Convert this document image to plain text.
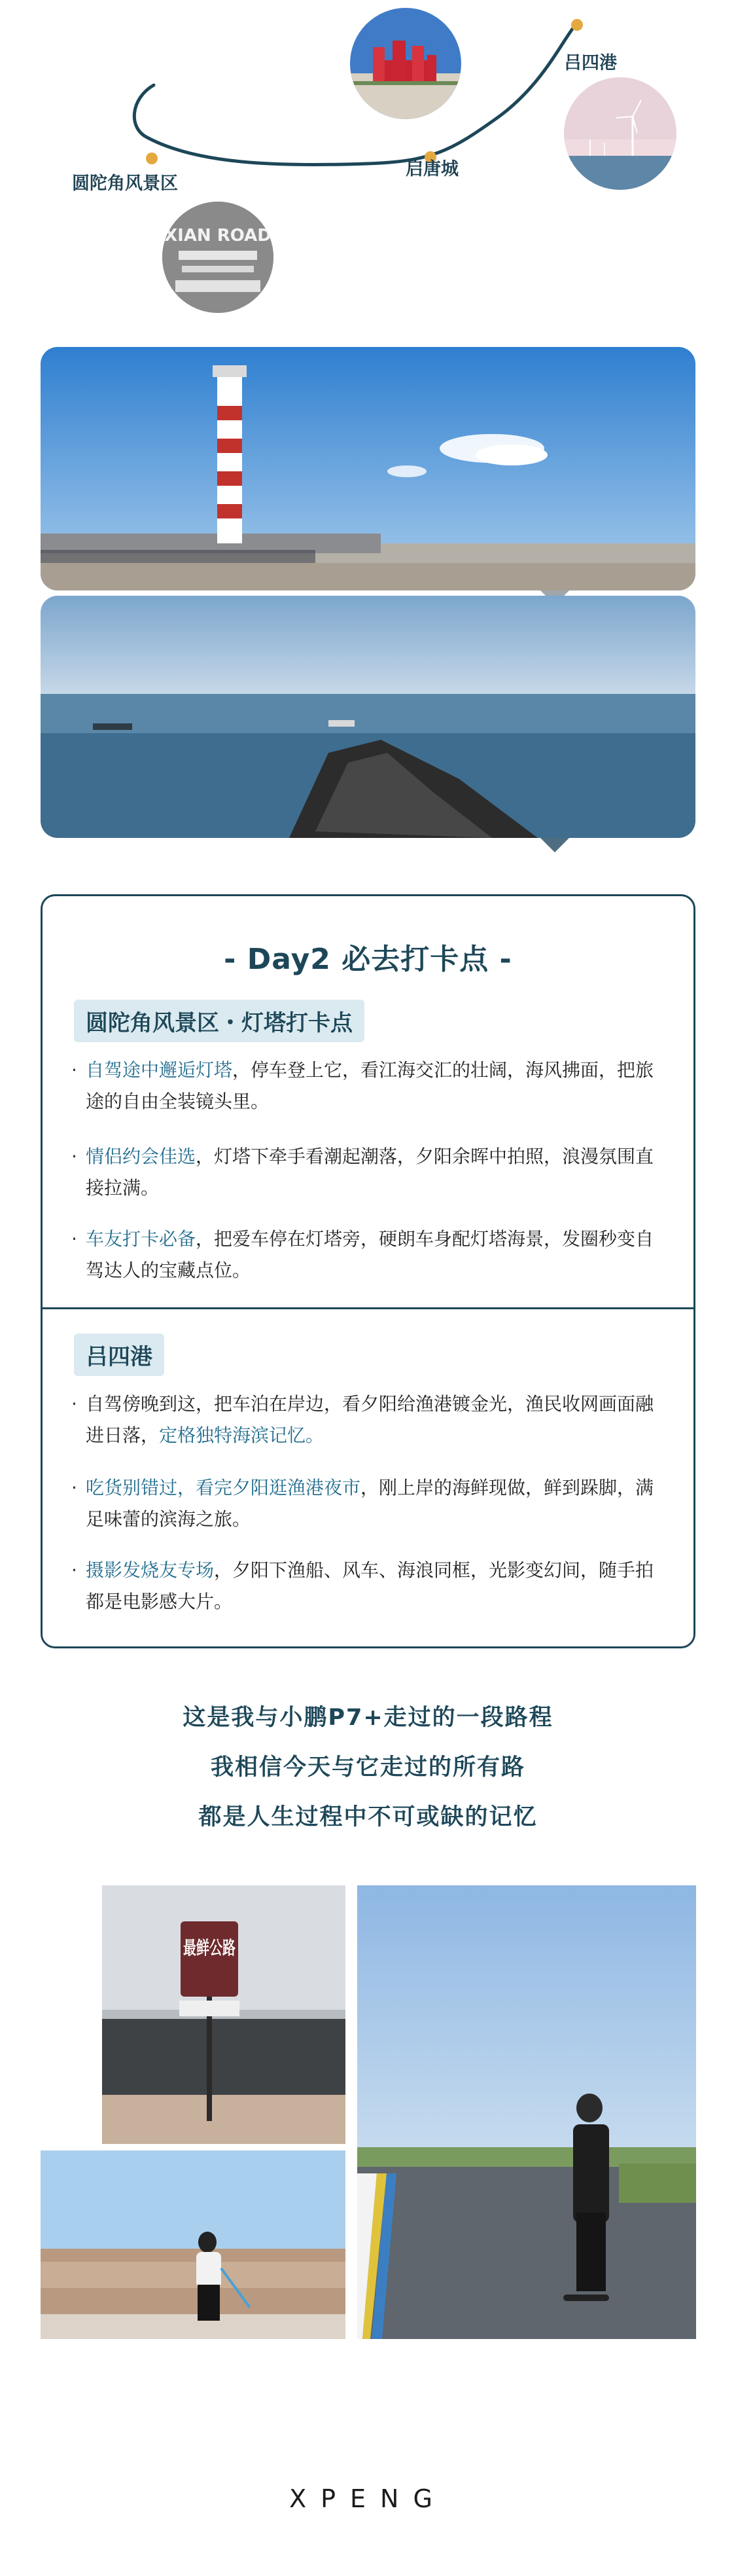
XIAN ROAD
圆陀角风景区
启唐城
吕四港
- Day2 必去打卡点 -
圆陀角风景区・灯塔打卡点
· 自驾途中邂逅灯塔，停车登上它，看江海交汇的壮阔，海风拂面，把旅途的自由全装镜头里。
· 情侣约会佳选，灯塔下牵手看潮起潮落，夕阳余晖中拍照，浪漫氛围直接拉满。
· 车友打卡必备，把爱车停在灯塔旁，硬朗车身配灯塔海景，发圈秒变自驾达人的宝藏点位。
吕四港
· 自驾傍晚到这，把车泊在岸边，看夕阳给渔港镀金光，渔民收网画面融进日落，定格独特海滨记忆。
· 吃货别错过，看完夕阳逛渔港夜市，刚上岸的海鲜现做，鲜到跺脚，满足味蕾的滨海之旅。
· 摄影发烧友专场，夕阳下渔船、风车、海浪同框，光影变幻间，随手拍都是电影感大片。
这是我与小鹏P7+走过的一段路程
我相信今天与它走过的所有路
都是人生过程中不可或缺的记忆
最鲜公路
XPENG
